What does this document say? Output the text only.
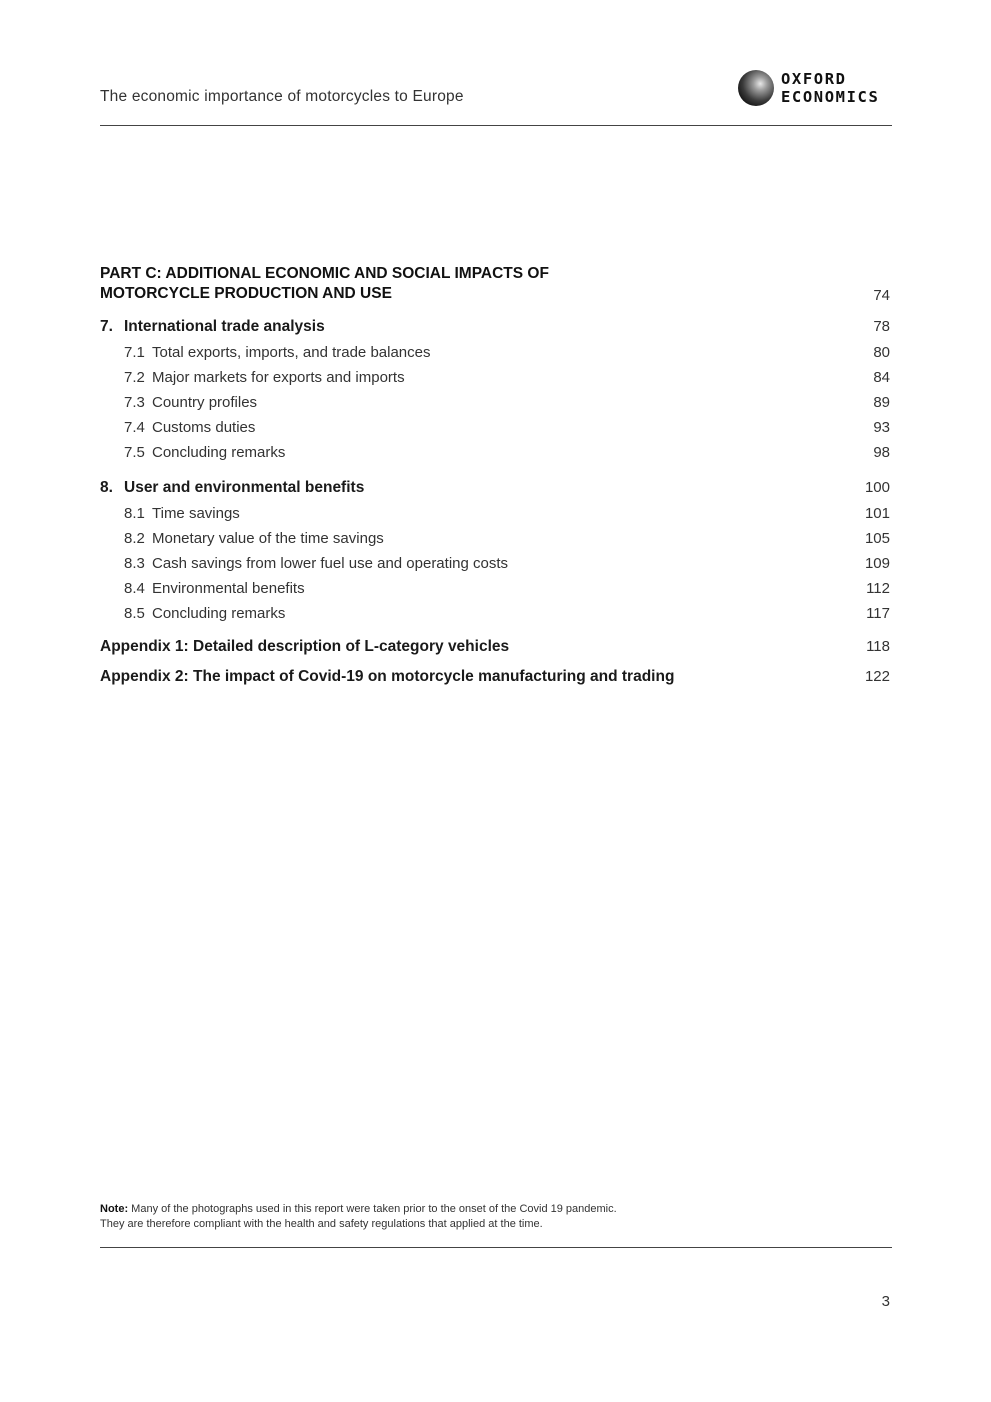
The economic importance of motorcycles to Europe
OXFORD
ECONOMICS
PART C: ADDITIONAL ECONOMIC AND SOCIAL IMPACTS OF MOTORCYCLE PRODUCTION AND USE	74
7. International trade analysis	78
7.1 Total exports, imports, and trade balances	80
7.2 Major markets for exports and imports	84
7.3 Country profiles	89
7.4 Customs duties	93
7.5 Concluding remarks	98
8. User and environmental benefits	100
8.1 Time savings	101
8.2 Monetary value of the time savings	105
8.3 Cash savings from lower fuel use and operating costs	109
8.4 Environmental benefits	112
8.5 Concluding remarks	117
Appendix 1: Detailed description of L-category vehicles	118
Appendix 2: The impact of Covid-19 on motorcycle manufacturing and trading	122
Note: Many of the photographs used in this report were taken prior to the onset of the Covid 19 pandemic.
They are therefore compliant with the health and safety regulations that applied at the time.
3
